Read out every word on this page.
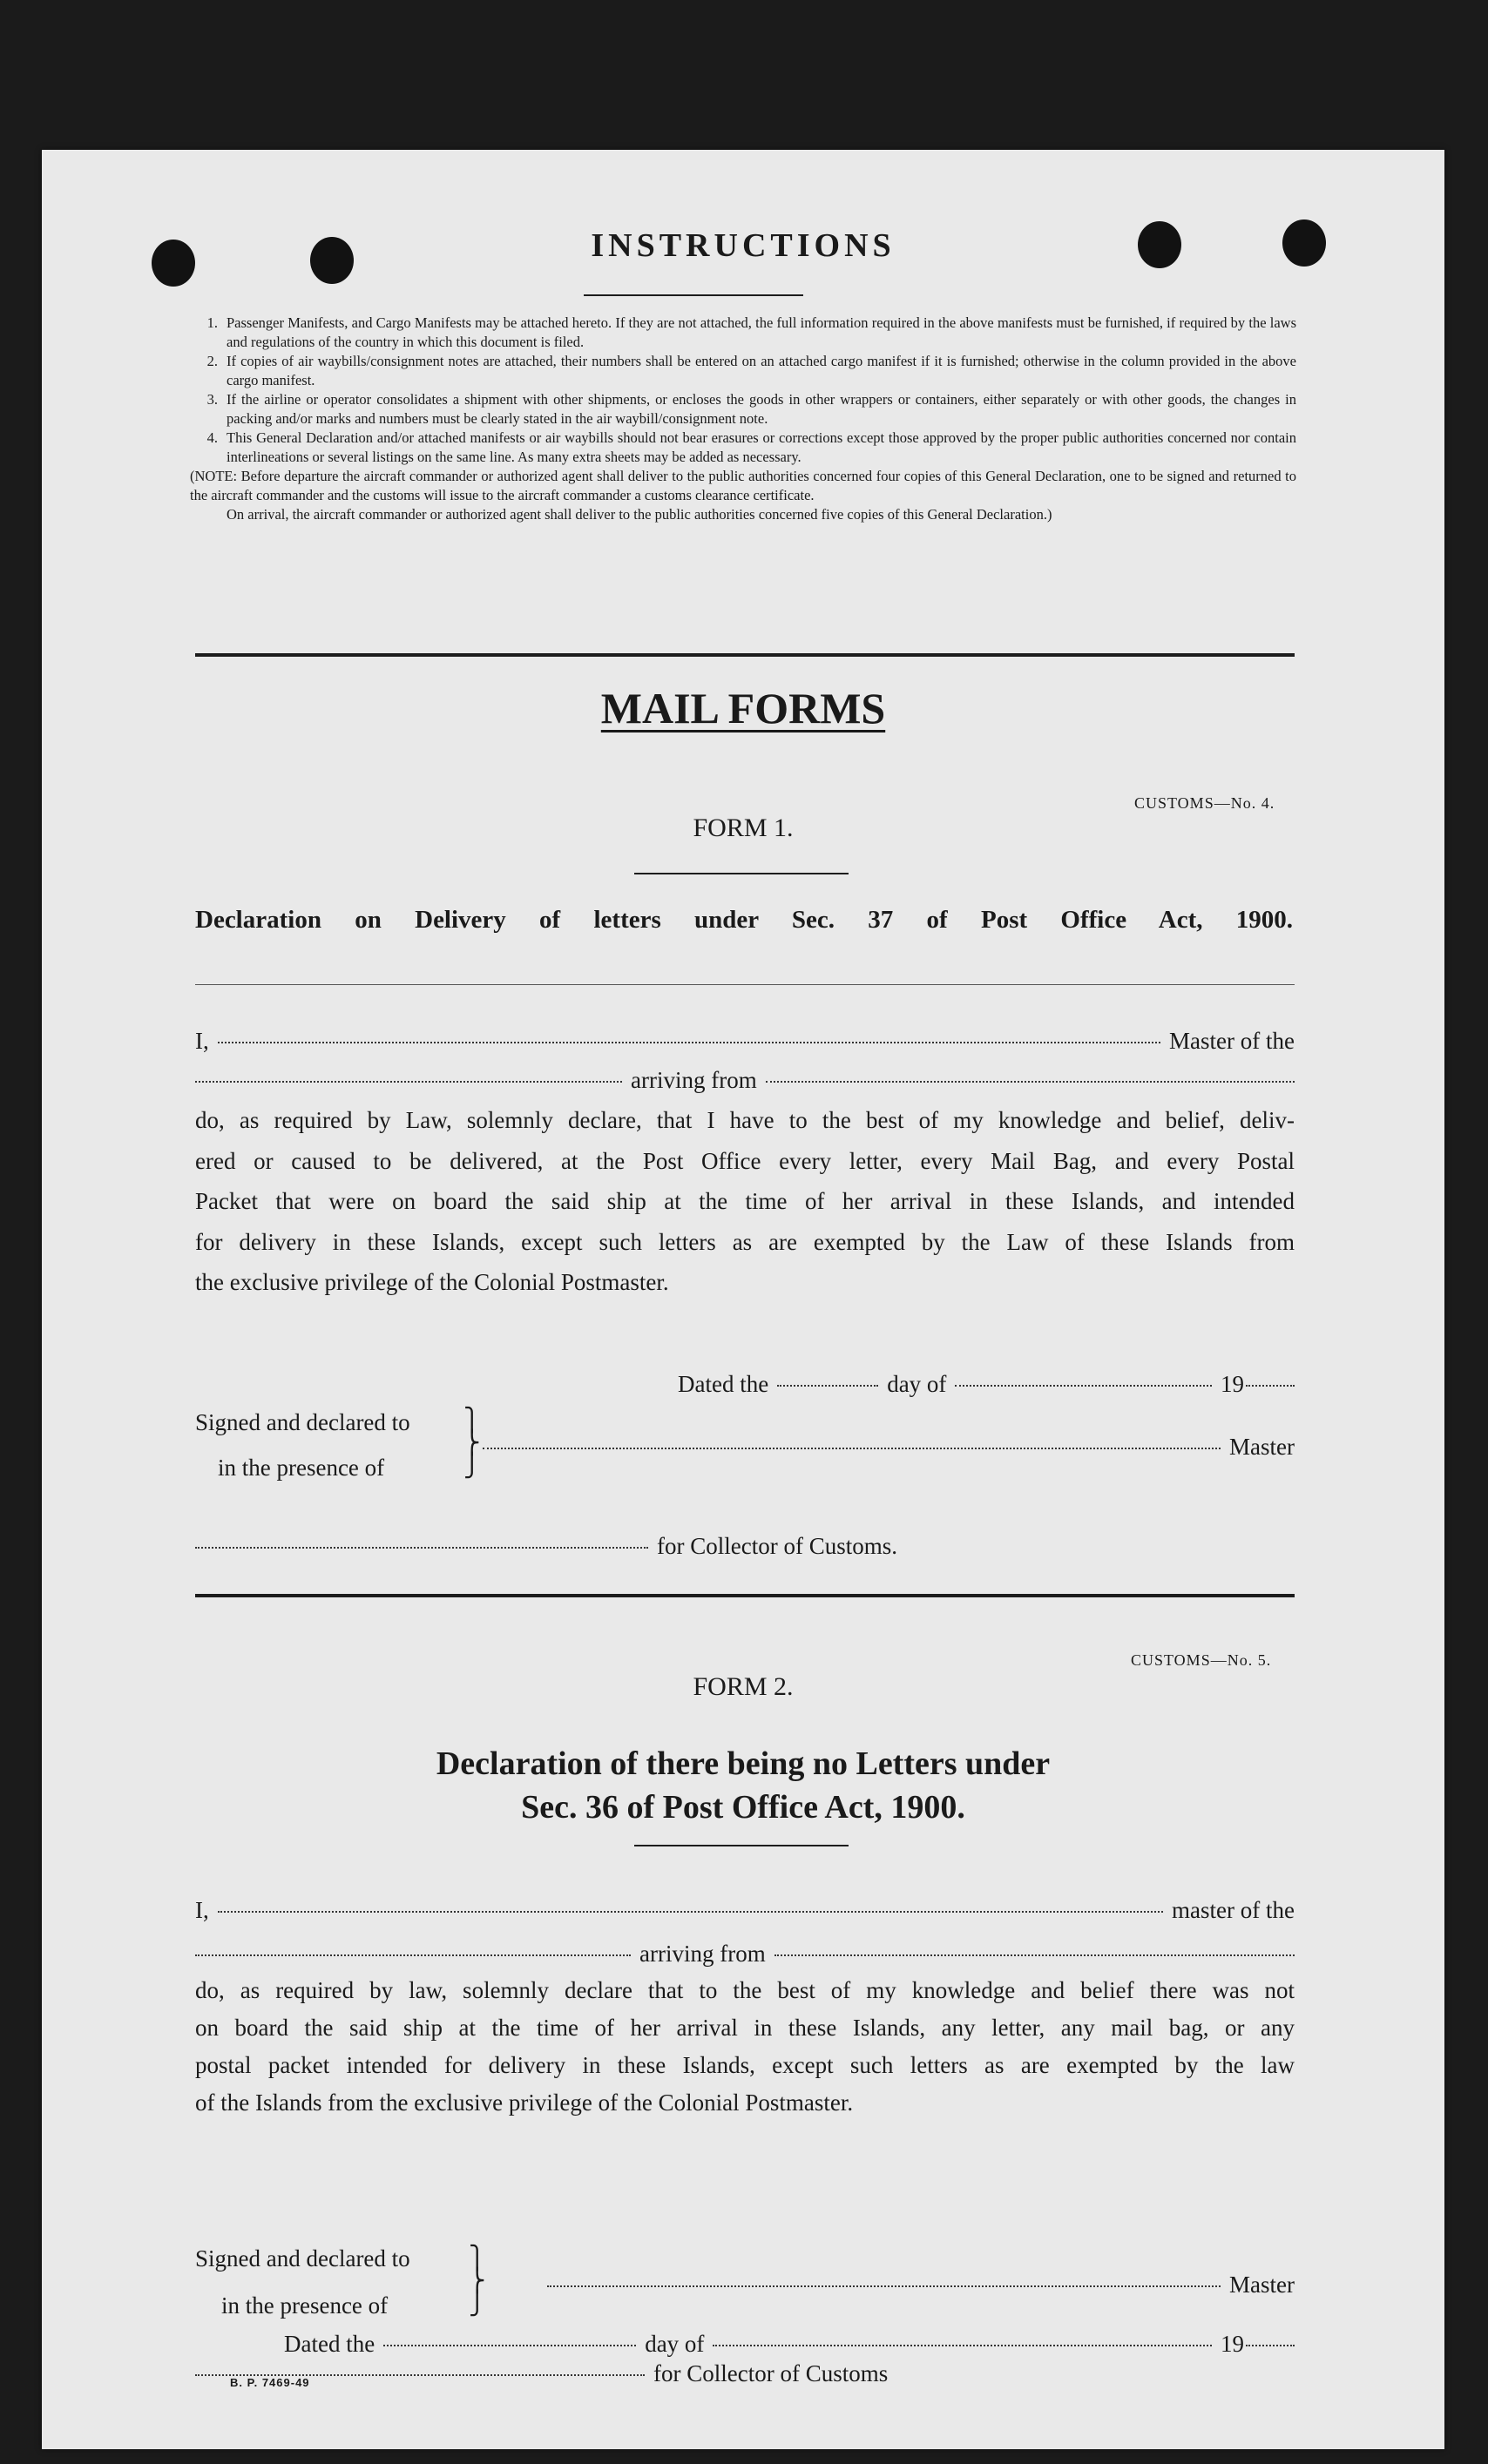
INSTRUCTIONS
1. Passenger Manifests, and Cargo Manifests may be attached hereto. If they are not attached, the full information required in the above manifests must be furnished, if required by the laws and regulations of the country in which this document is filed.
2. If copies of air waybills/consignment notes are attached, their numbers shall be entered on an attached cargo manifest if it is furnished; otherwise in the column provided in the above cargo manifest.
3. If the airline or operator consolidates a shipment with other shipments, or encloses the goods in other wrappers or containers, either separately or with other goods, the changes in packing and/or marks and numbers must be clearly stated in the air waybill/consignment note.
4. This General Declaration and/or attached manifests or air waybills should not bear erasures or corrections except those approved by the proper public authorities concerned nor contain interlineations or several listings on the same line. As many extra sheets may be added as necessary.
(NOTE: Before departure the aircraft commander or authorized agent shall deliver to the public authorities concerned four copies of this General Declaration, one to be signed and returned to the aircraft commander and the customs will issue to the aircraft commander a customs clearance certificate.
On arrival, the aircraft commander or authorized agent shall deliver to the public authorities concerned five copies of this General Declaration.)
MAIL FORMS
CUSTOMS—No. 4.
FORM 1.
Declaration on Delivery of letters under Sec. 37 of Post Office Act, 1900.
I,	Master of the
arriving from
do, as required by Law, solemnly declare, that I have to the best of my knowledge and belief, deliv-
ered or caused to be delivered, at the Post Office every letter, every Mail Bag, and every Postal
Packet that were on board the said ship at the time of her arrival in these Islands, and intended
for delivery in these Islands, except such letters as are exempted by the Law of these Islands from
the exclusive privilege of the Colonial Postmaster.
Dated the	day of	19
Signed and declared to
in the presence of
⎫
⎬
⎭
Master
for Collector of Customs.
CUSTOMS—No. 5.
FORM 2.
Declaration of there being no Letters under
Sec. 36 of Post Office Act, 1900.
I,	master of the
arriving from
do, as required by law, solemnly declare that to the best of my knowledge and belief there was not
on board the said ship at the time of her arrival in these Islands, any letter, any mail bag, or any
postal packet intended for delivery in these Islands, except such letters as are exempted by the law
of the Islands from the exclusive privilege of the Colonial Postmaster.
Dated the	day of	19
Signed and declared to
in the presence of
⎫
⎬
⎭
Master
for Collector of Customs
B. P. 7469-49
